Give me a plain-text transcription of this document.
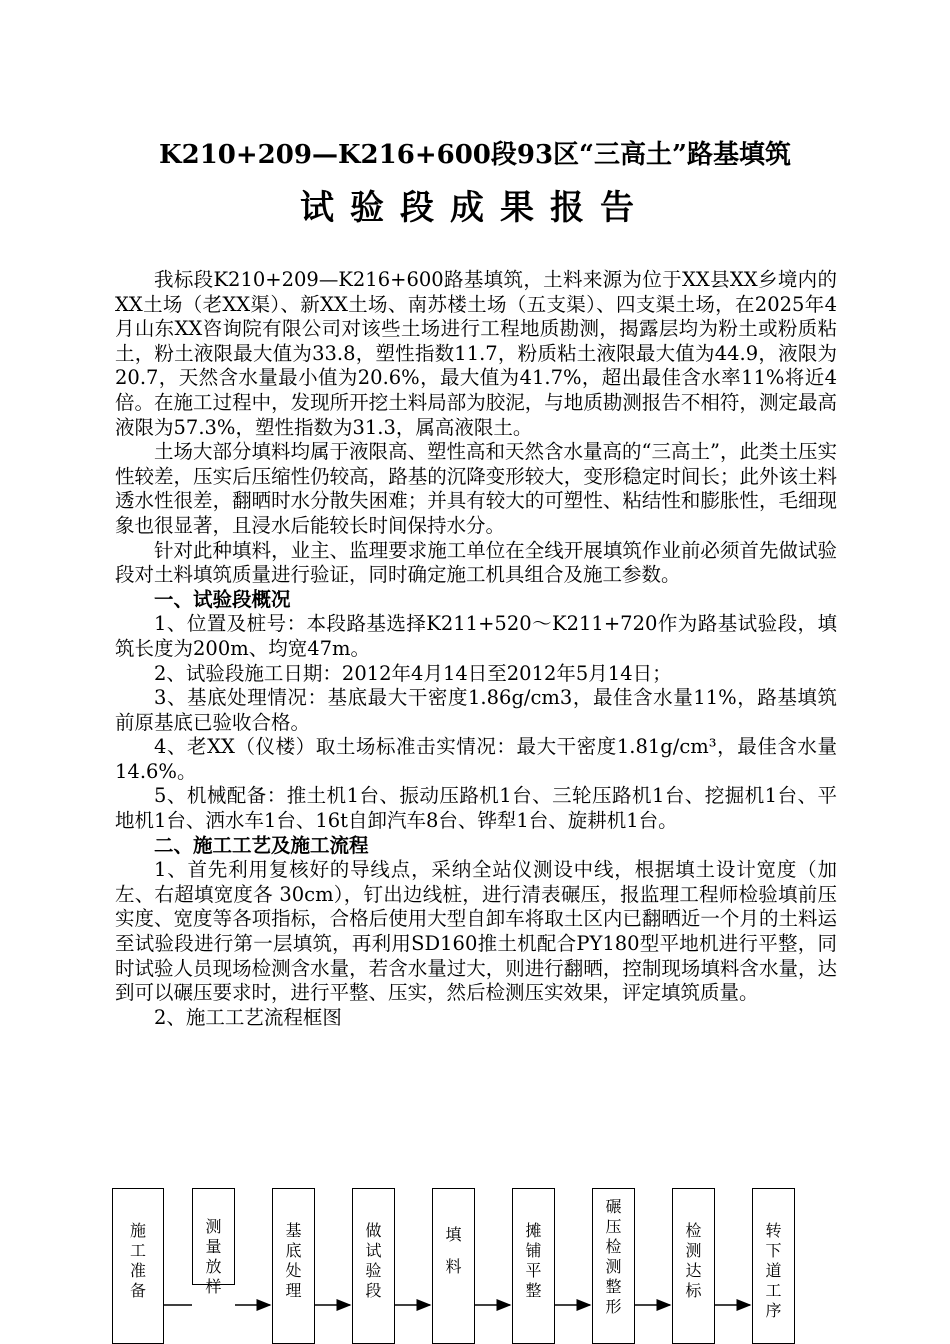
K210+209—K216+600段93区“三高土”路基填筑
试验段成果报告

我标段K210+209—K216+600路基填筑，土料来源为位于XX县XX乡境内的XX土场（老XX渠）、新XX土场、南苏楼土场（五支渠）、四支渠土场，在2025年4月山东XX咨询院有限公司对该些土场进行工程地质勘测，揭露层均为粉土或粉质粘土，粉土液限最大值为33.8，塑性指数11.7，粉质粘土液限最大值为44.9，液限为20.7，天然含水量最小值为20.6%，最大值为41.7%，超出最佳含水率11%将近4倍。在施工过程中，发现所开挖土料局部为胶泥，与地质勘测报告不相符，测定最高液限为57.3%，塑性指数为31.3，属高液限土。

土场大部分填料均属于液限高、塑性高和天然含水量高的“三高土”，此类土压实性较差，压实后压缩性仍较高，路基的沉降变形较大，变形稳定时间长；此外该土料透水性很差，翻晒时水分散失困难；并具有较大的可塑性、粘结性和膨胀性，毛细现象也很显著，且浸水后能较长时间保持水分。

针对此种填料，业主、监理要求施工单位在全线开展填筑作业前必须首先做试验段对土料填筑质量进行验证，同时确定施工机具组合及施工参数。

一、试验段概况

1、位置及桩号：本段路基选择K211+520～K211+720作为路基试验段，填筑长度为200m、均宽47m。

2、试验段施工日期：2012年4月14日至2012年5月14日；

3、基底处理情况：基底最大干密度1.86g/cm3，最佳含水量11%，路基填筑前原基底已验收合格。

4、老XX（仪楼）取土场标准击实情况：最大干密度1.81g/cm³，最佳含水量14.6%。

5、机械配备：推土机1台、振动压路机1台、三轮压路机1台、挖掘机1台、平地机1台、洒水车1台、16t自卸汽车8台、铧犁1台、旋耕机1台。

二、施工工艺及施工流程

1、首先利用复核好的导线点，采纳全站仪测设中线，根据填土设计宽度（加左、右超填宽度各 30cm），钉出边线桩，进行清表碾压，报监理工程师检验填前压实度、宽度等各项指标，合格后使用大型自卸车将取土区内已翻晒近一个月的土料运至试验段进行第一层填筑，再利用SD160推土机配合PY180型平地机进行平整，同时试验人员现场检测含水量，若含水量过大，则进行翻晒，控制现场填料含水量，达到可以碾压要求时，进行平整、压实，然后检测压实效果，评定填筑质量。

2、施工工艺流程框图

施工准备
测量放样
基底处理
做试验段
填料
摊铺平整
碾压检测整形
检测达标
转下道工序
